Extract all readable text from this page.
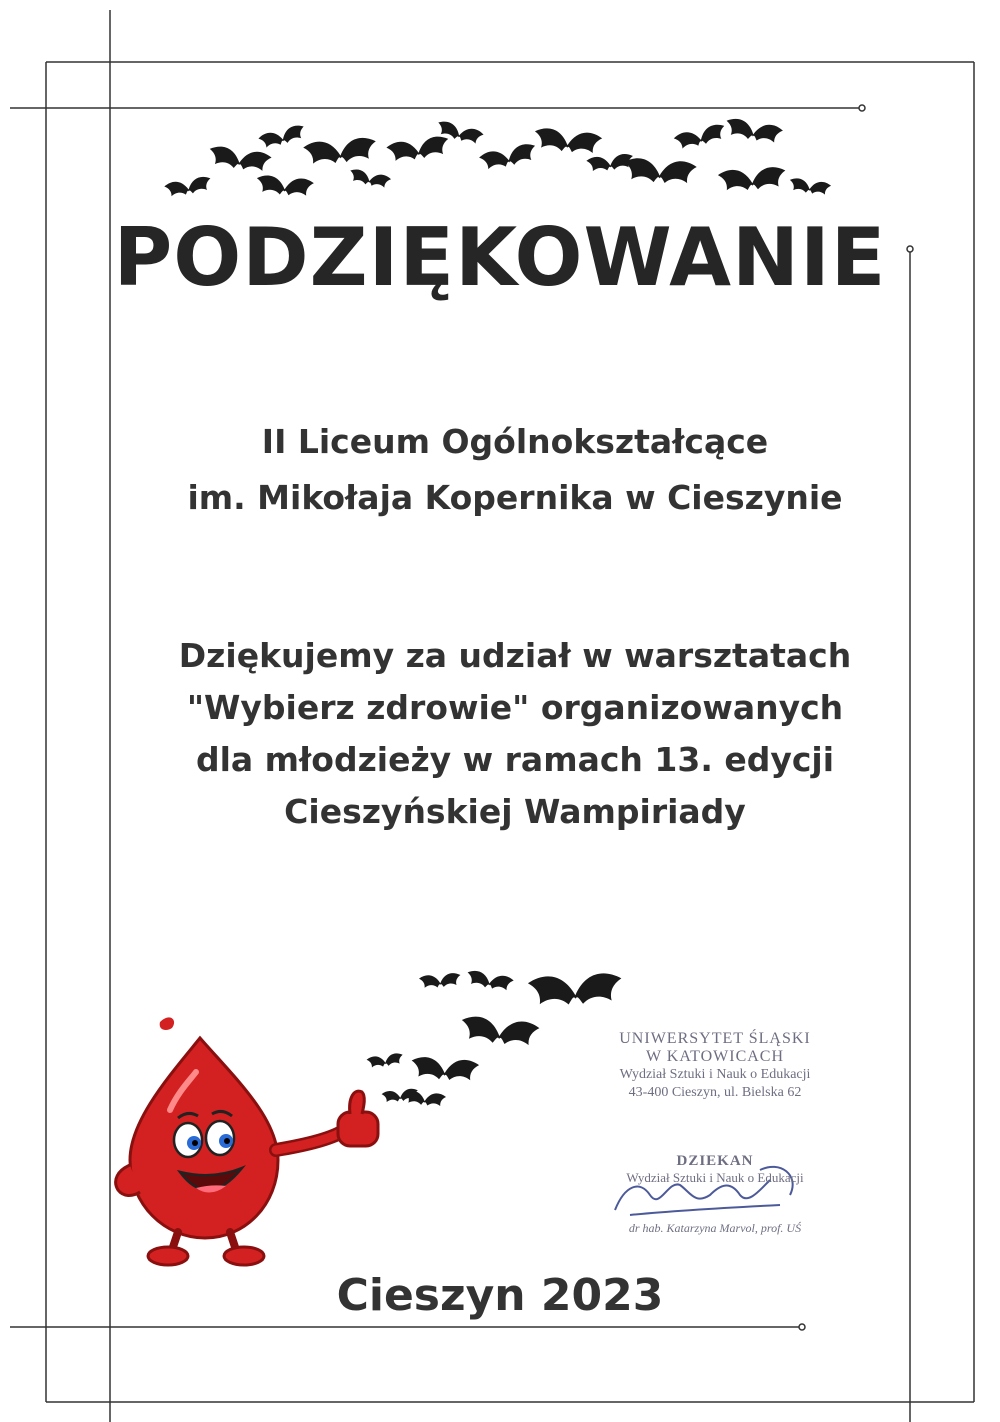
PODZIĘKOWANIE
II Liceum Ogólnokształcące
im. Mikołaja Kopernika w Cieszynie
Dziękujemy za udział w warsztatach
"Wybierz zdrowie" organizowanych
dla młodzieży w ramach 13. edycji
Cieszyńskiej Wampiriady
UNIWERSYTET ŚLĄSKI
W KATOWICACH
Wydział Sztuki i Nauk o Edukacji
43-400 Cieszyn, ul. Bielska 62
DZIEKAN
Wydział Sztuki i Nauk o Edukacji
dr hab. Katarzyna Marvol, prof. UŚ
Cieszyn 2023
